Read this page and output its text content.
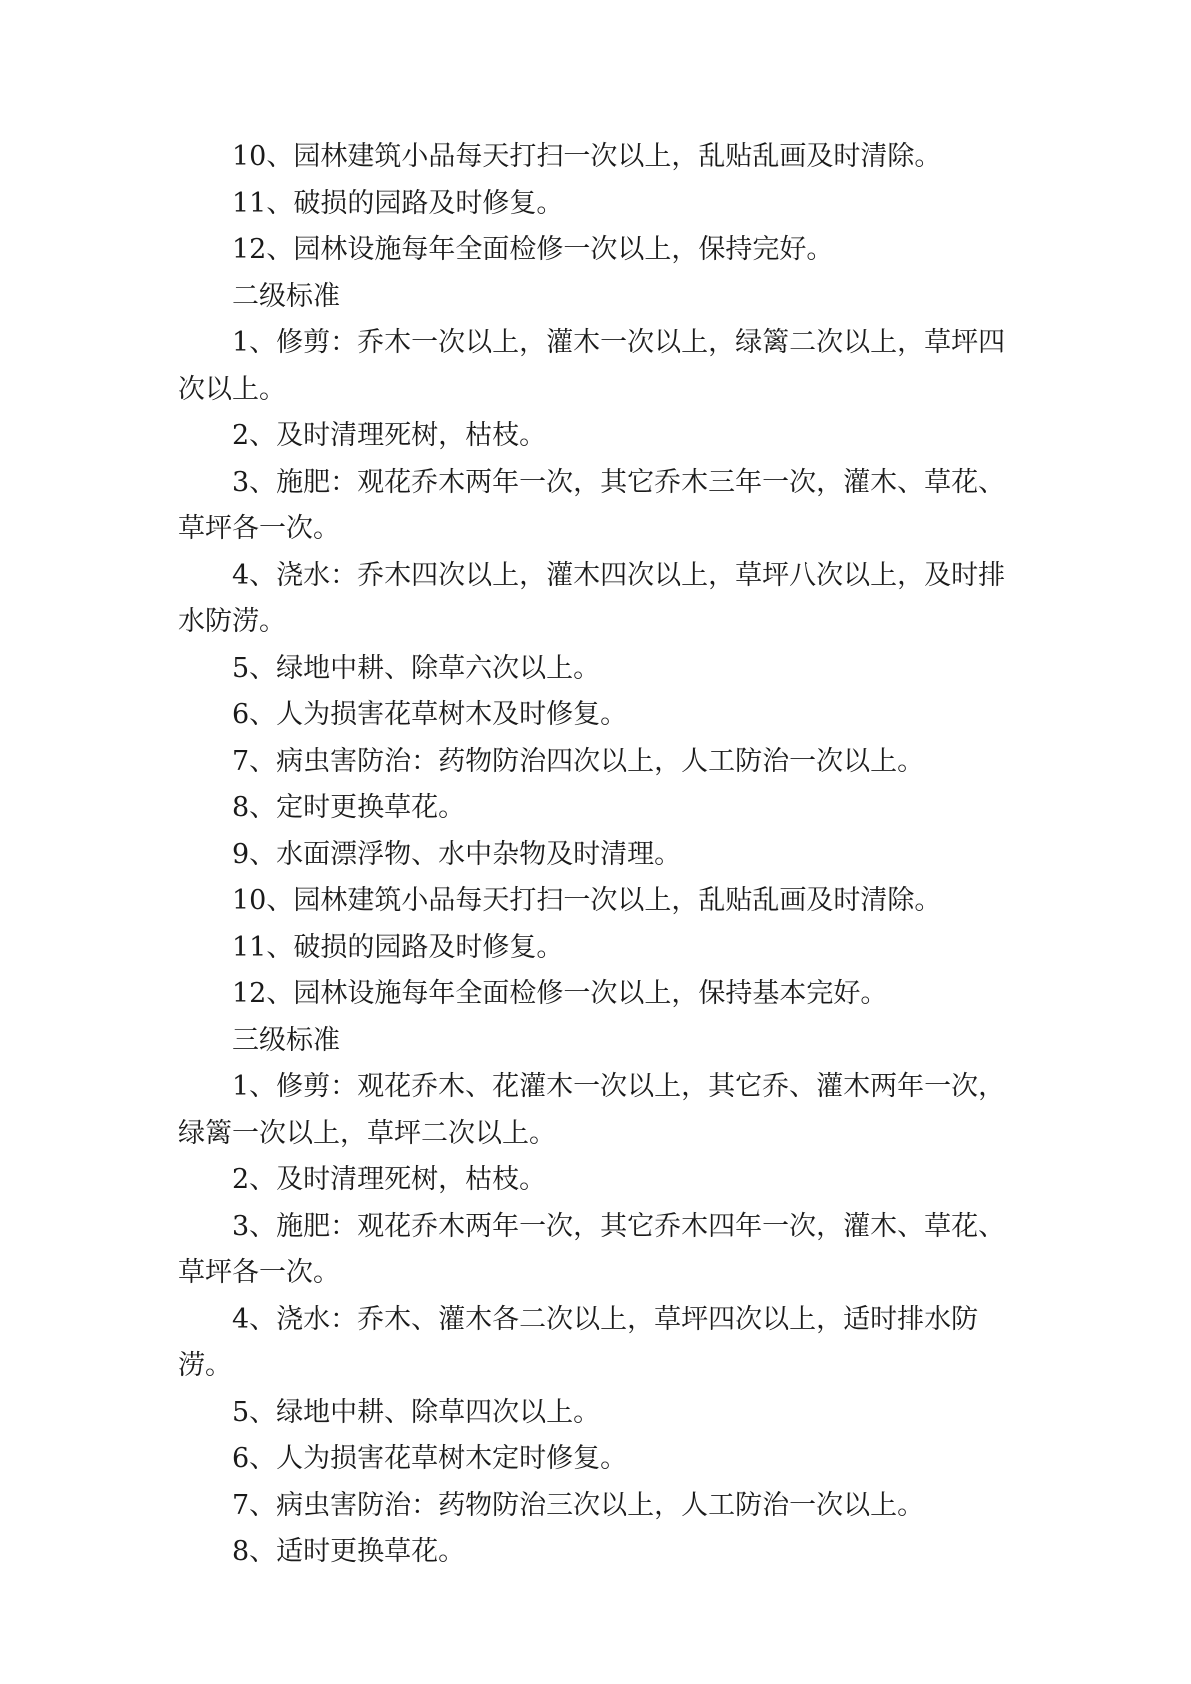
10、园林建筑小品每天打扫一次以上，乱贴乱画及时清除。

11、破损的园路及时修复。

12、园林设施每年全面检修一次以上，保持完好。

二级标准

1、修剪：乔木一次以上，灌木一次以上，绿篱二次以上，草坪四次以上。

2、及时清理死树，枯枝。

3、施肥：观花乔木两年一次，其它乔木三年一次，灌木、草花、草坪各一次。

4、浇水：乔木四次以上，灌木四次以上，草坪八次以上，及时排水防涝。

5、绿地中耕、除草六次以上。

6、人为损害花草树木及时修复。

7、病虫害防治：药物防治四次以上，人工防治一次以上。

8、定时更换草花。

9、水面漂浮物、水中杂物及时清理。

10、园林建筑小品每天打扫一次以上，乱贴乱画及时清除。

11、破损的园路及时修复。

12、园林设施每年全面检修一次以上，保持基本完好。

三级标准

1、修剪：观花乔木、花灌木一次以上，其它乔、灌木两年一次，绿篱一次以上，草坪二次以上。

2、及时清理死树，枯枝。

3、施肥：观花乔木两年一次，其它乔木四年一次，灌木、草花、草坪各一次。

4、浇水：乔木、灌木各二次以上，草坪四次以上，适时排水防涝。

5、绿地中耕、除草四次以上。

6、人为损害花草树木定时修复。

7、病虫害防治：药物防治三次以上，人工防治一次以上。

8、适时更换草花。
